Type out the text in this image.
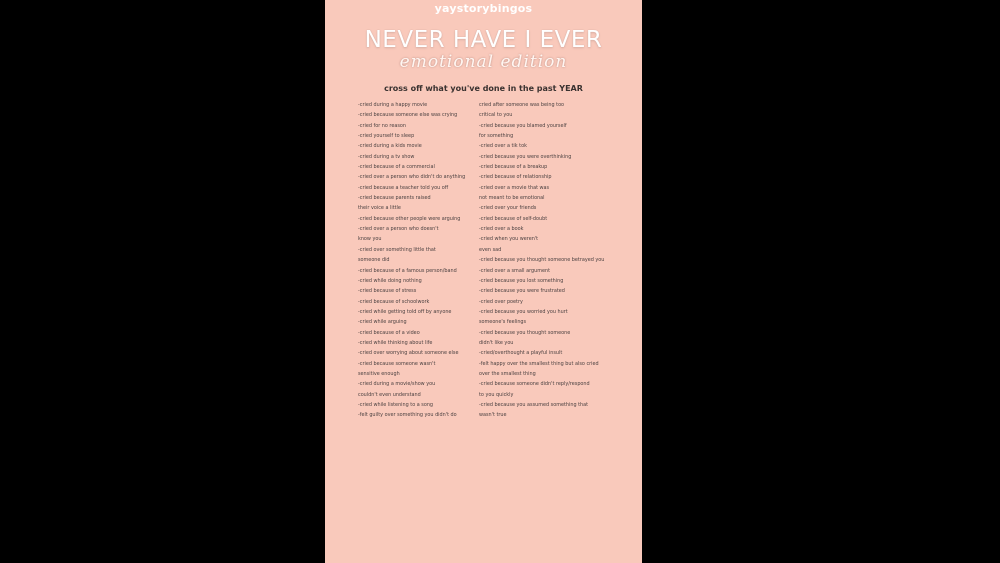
yaystorybingos
NEVER HAVE I EVER
emotional edition
cross off what you've done in the past YEAR
-cried during a happy movie
-cried because someone else was crying
-cried for no reason
-cried yourself to sleep
-cried during a kids movie
-cried during a tv show
-cried because of a commercial
-cried over a person who didn't do anything
-cried because a teacher told you off
-cried because parents raised
their voice a little
-cried because other people were arguing
-cried over a person who doesn't
know you
-cried over something little that
someone did
-cried because of a famous person/band
-cried while doing nothing
-cried because of stress
-cried because of schoolwork
-cried while getting told off by anyone
-cried while arguing
-cried because of a video
-cried while thinking about life
-cried over worrying about someone else
-cried because someone wasn't
sensitive enough
-cried during a movie/show you
couldn't even understand
-cried while listening to a song
-felt guilty over something you didn't do
cried after someone was being too
critical to you
-cried because you blamed yourself
for something
-cried over a tik tok
-cried because you were overthinking
-cried because of a breakup
-cried because of relationship
-cried over a movie that was
not meant to be emotional
-cried over your friends
-cried because of self-doubt
-cried over a book
-cried when you weren't
even sad
-cried because you thought someone betrayed you
-cried over a small argument
-cried because you lost something
-cried because you were frustrated
-cried over poetry
-cried because you worried you hurt
someone's feelings
-cried because you thought someone
didn't like you
-cried/overthought a playful insult
-felt happy over the smallest thing but also cried
over the smallest thing
-cried because someone didn't reply/respond
to you quickly
-cried because you assumed something that
wasn't true
